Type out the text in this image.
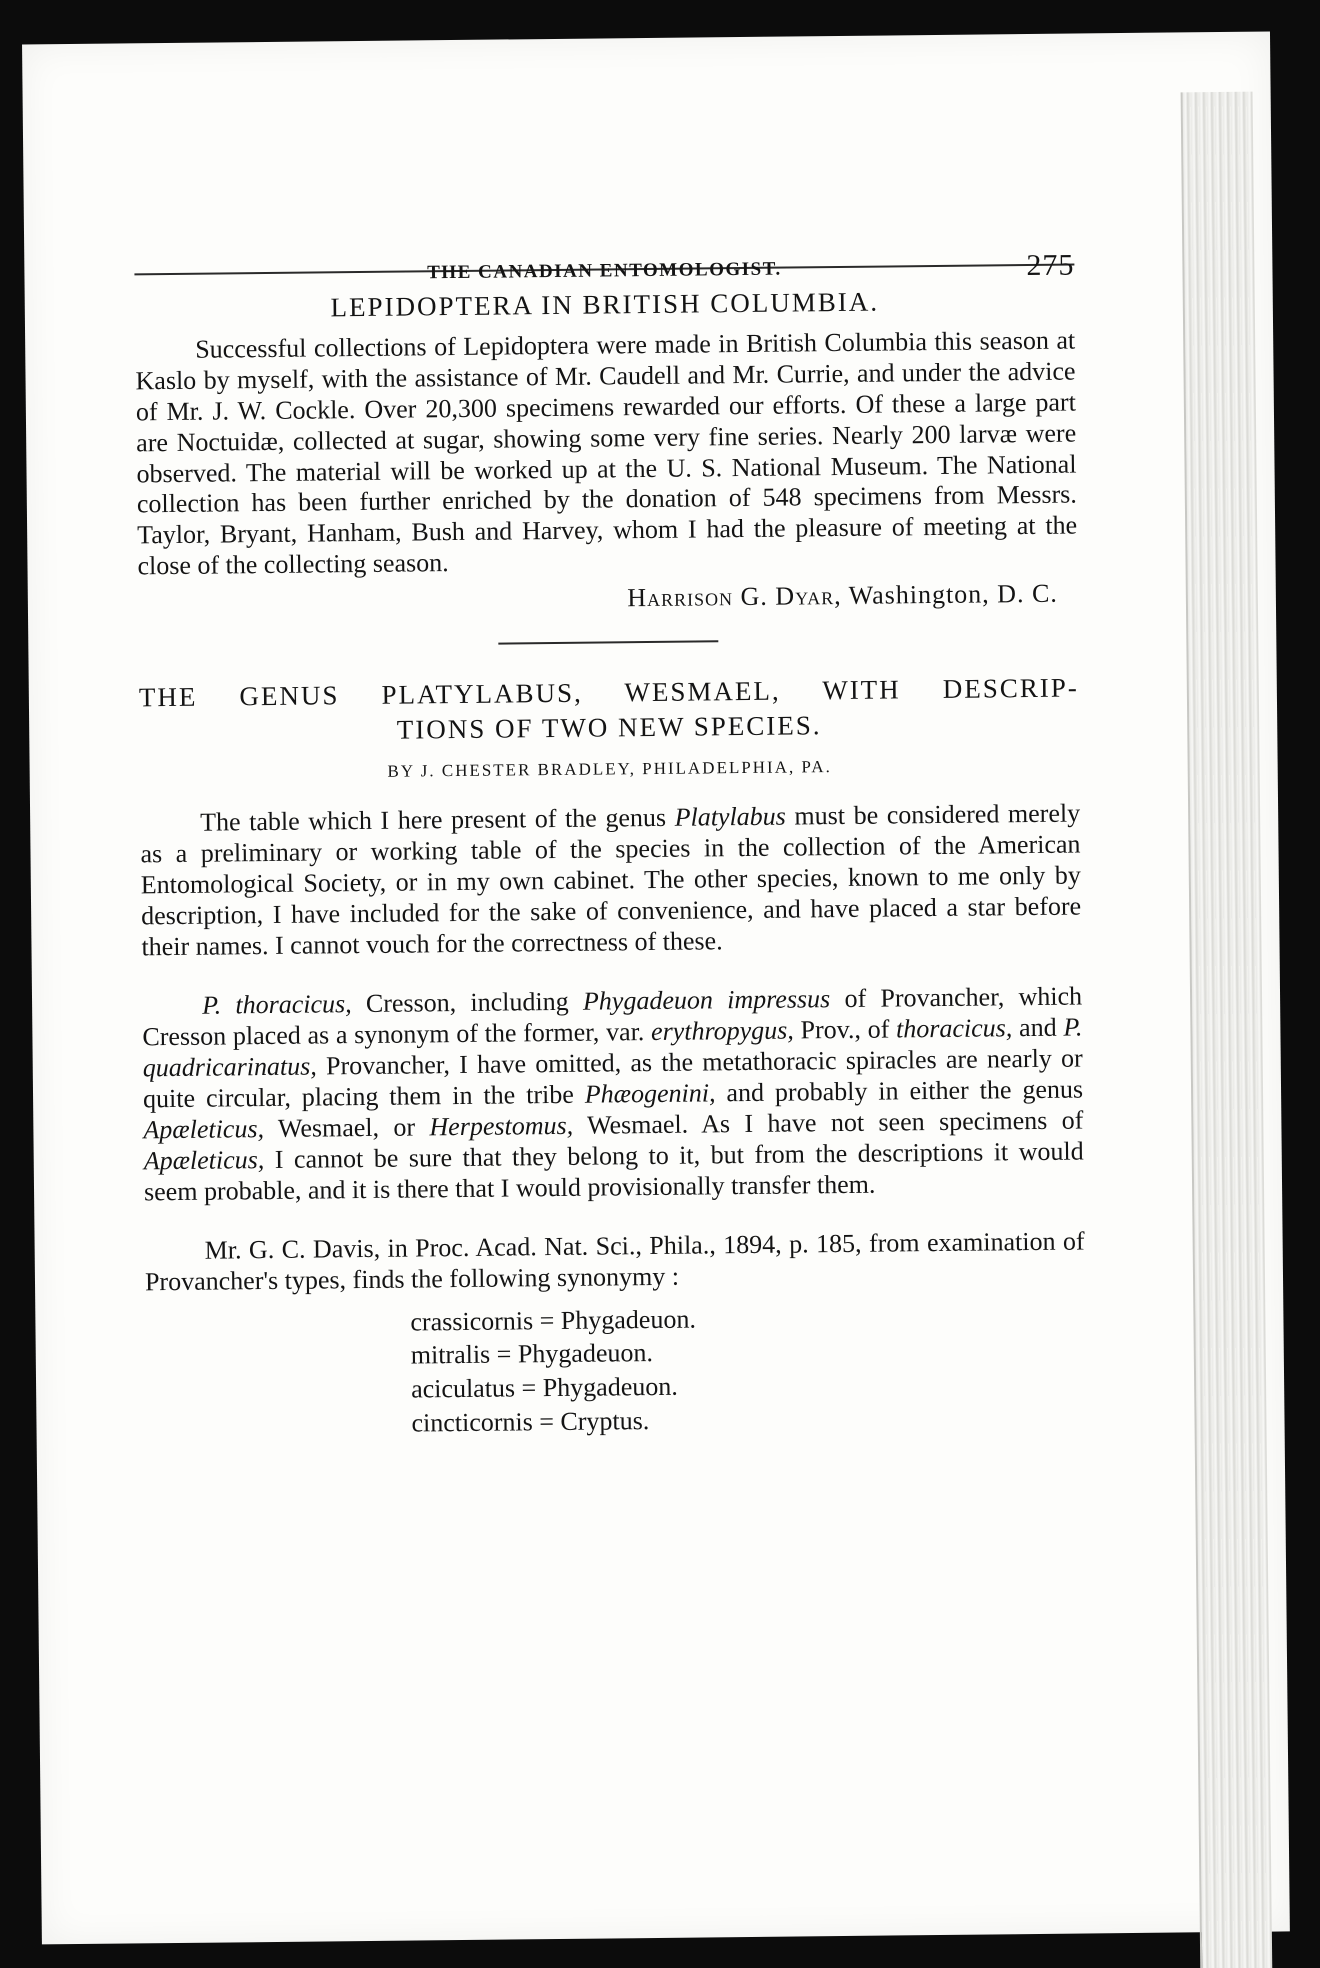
THE CANADIAN ENTOMOLOGIST.	275
LEPIDOPTERA IN BRITISH COLUMBIA.

Successful collections of Lepidoptera were made in British Columbia this season at Kaslo by myself, with the assistance of Mr. Caudell and Mr. Currie, and under the advice of Mr. J. W. Cockle. Over 20,300 specimens rewarded our efforts. Of these a large part are Noctuidæ, collected at sugar, showing some very fine series. Nearly 200 larvæ were observed. The material will be worked up at the U. S. National Museum. The National collection has been further enriched by the donation of 548 specimens from Messrs. Taylor, Bryant, Hanham, Bush and Harvey, whom I had the pleasure of meeting at the close of the collecting season.

Harrison G. Dyar, Washington, D. C.
THE GENUS PLATYLABUS, WESMAEL, WITH DESCRIP-
TIONS OF TWO NEW SPECIES.
BY J. CHESTER BRADLEY, PHILADELPHIA, PA.

The table which I here present of the genus Platylabus must be considered merely as a preliminary or working table of the species in the collection of the American Entomological Society, or in my own cabinet. The other species, known to me only by description, I have included for the sake of convenience, and have placed a star before their names. I cannot vouch for the correctness of these.

P. thoracicus, Cresson, including Phygadeuon impressus of Provancher, which Cresson placed as a synonym of the former, var. erythropygus, Prov., of thoracicus, and P. quadricarinatus, Provancher, I have omitted, as the metathoracic spiracles are nearly or quite circular, placing them in the tribe Phæogenini, and probably in either the genus Apæleticus, Wesmael, or Herpestomus, Wesmael. As I have not seen specimens of Apæleticus, I cannot be sure that they belong to it, but from the descriptions it would seem probable, and it is there that I would provisionally transfer them.

Mr. G. C. Davis, in Proc. Acad. Nat. Sci., Phila., 1894, p. 185, from examination of Provancher's types, finds the following synonymy :

crassicornis = Phygadeuon.
mitralis = Phygadeuon.
aciculatus = Phygadeuon.
cincticornis = Cryptus.
